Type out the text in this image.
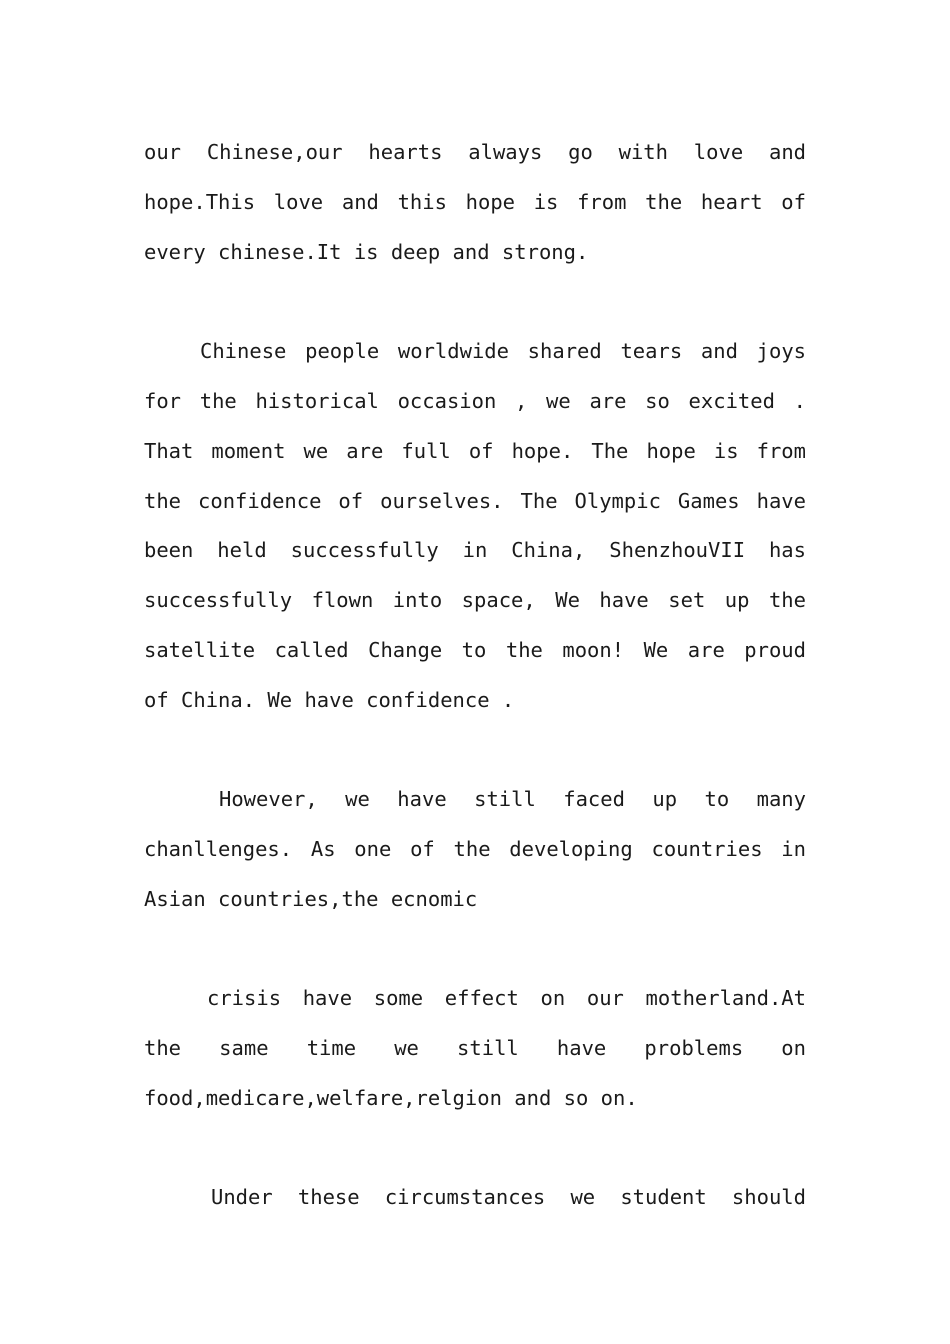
our Chinese,our hearts always go with love and
hope.This love and this hope is from the heart of
every chinese.It is deep and strong.
Chinese people worldwide shared tears and joys
for the historical occasion , we are so excited .
That moment we are full of hope. The hope is from
the confidence of ourselves. The Olympic Games have
been held successfully in China, ShenzhouVII has
successfully flown into space, We have set up the
satellite called Change to the moon! We are proud
of China. We have confidence .
However, we have still faced up to many
chanllenges. As one of the developing countries in
Asian countries,the ecnomic
crisis have some effect on our motherland.At
the same time we still have problems on
food,medicare,welfare,relgion and so on.
Under these circumstances we student should
